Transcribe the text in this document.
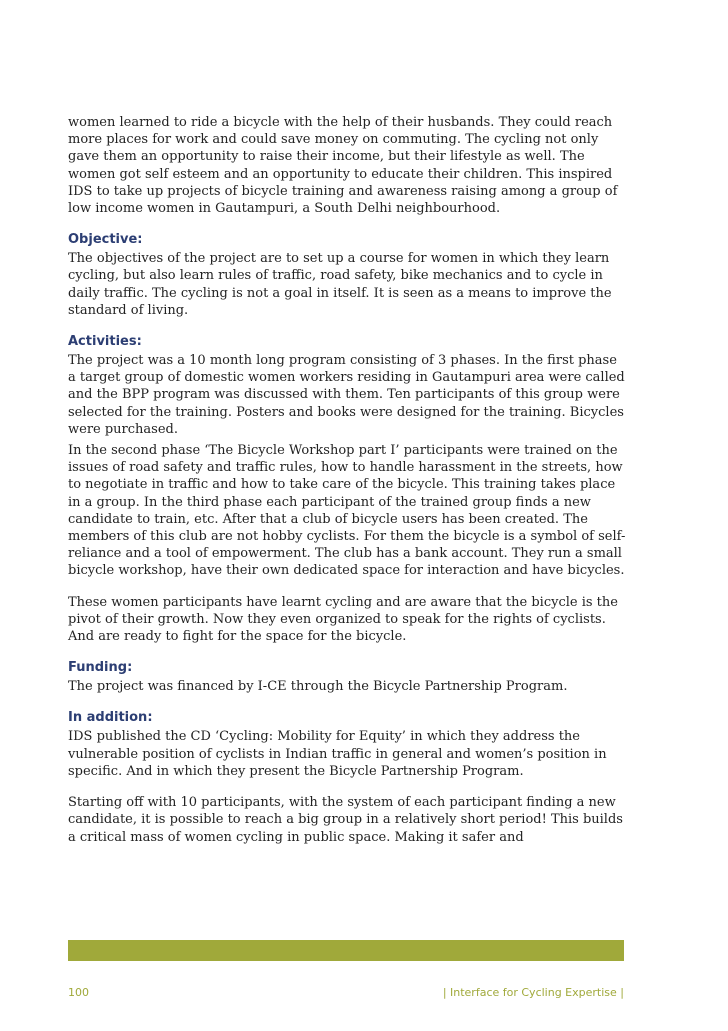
women learned to ride a bicycle with the help of their husbands. They could reach more places for work and could save money on commuting. The cycling not only gave them an opportunity to raise their income, but their lifestyle as well. The women got self esteem and an opportunity to educate their children. This inspired IDS to take up projects of bicycle training and awareness raising among a group of low income women in Gautampuri, a South Delhi neighbourhood.

Objective:

The objectives of the project are to set up a course for women in which they learn cycling, but also learn rules of traffic, road safety, bike mechanics and to cycle in daily traffic. The cycling is not a goal in itself. It is seen as a means to improve the standard of living.

Activities:

The project was a 10 month long program consisting of 3 phases. In the first phase a target group of domestic women workers residing in Gautampuri area were called and the BPP program was discussed with them. Ten participants of this group were selected for the training. Posters and books were designed for the training. Bicycles were purchased.

In the second phase ‘The Bicycle Workshop part I’ participants were trained on the issues of road safety and traffic rules, how to handle harassment in the streets, how to negotiate in traffic and how to take care of the bicycle. This training takes place in a group. In the third phase each participant of the trained group finds a new candidate to train, etc. After that a club of bicycle users has been created. The members of this club are not hobby cyclists. For them the bicycle is a symbol of self-reliance and a tool of empowerment. The club has a bank account. They run a small bicycle workshop, have their own dedicated space for interaction and have bicycles.

These women participants have learnt cycling and are aware that the bicycle is the pivot of their growth. Now they even organized to speak for the rights of cyclists. And are ready to fight for the space for the bicycle.

Funding:

The project was financed by I-CE through the Bicycle Partnership Program.

In addition:

IDS published the CD ‘Cycling: Mobility for Equity’ in which they address the vulnerable position of cyclists in Indian traffic in general and women’s position in specific. And in which they present the Bicycle Partnership Program.

Starting off with 10 participants, with the system of each participant finding a new candidate, it is possible to reach a big group in a relatively short period! This builds a critical mass of women cycling in public space. Making it safer and

100	| Interface for Cycling Expertise |
